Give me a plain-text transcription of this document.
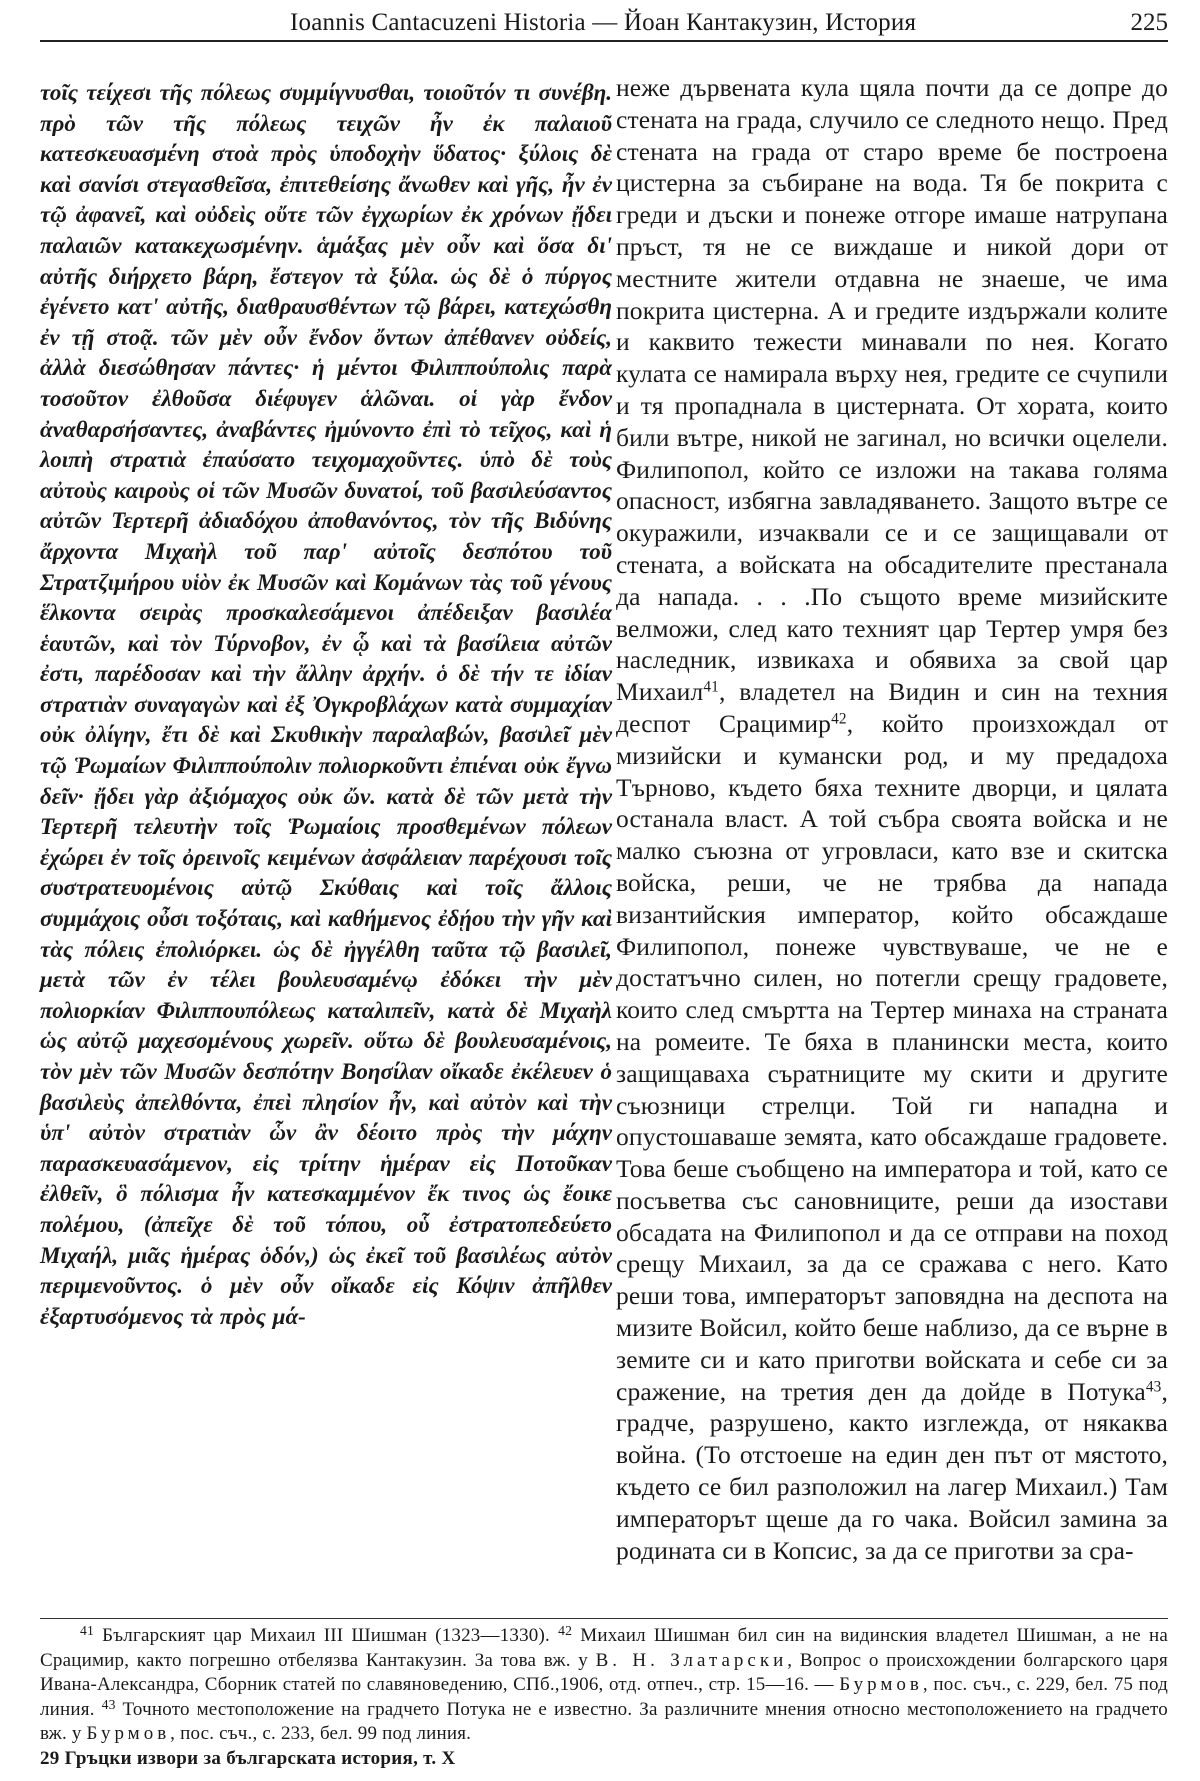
Ioannis Cantacuzeni Historia — Йоан Кантакузин, История	225

τοῖς τείχεσι τῆς πόλεως συμμίγνυσθαι, τοιοῦτόν τι συνέβη. πρὸ τῶν τῆς πόλεως τειχῶν ἦν ἐκ παλαιοῦ κατεσκευασμένη στοὰ πρὸς ὑποδοχὴν ὕδατος· ξύλοις δὲ καὶ σανίσι στεγασθεῖσα, ἐπιτεθείσης ἄνωθεν καὶ γῆς, ἦν ἐν τῷ ἀφανεῖ, καὶ οὐδεὶς οὔτε τῶν ἐγχωρίων ἐκ χρόνων ᾔδει παλαιῶν κατακεχωσμένην. ἁμάξας μὲν οὖν καὶ ὅσα δι' αὐτῆς διήρχετο βάρη, ἔστεγον τὰ ξύλα. ὡς δὲ ὁ πύργος ἐγένετο κατ' αὐτῆς, διαθραυσθέντων τῷ βάρει, κατεχώσθη ἐν τῇ στοᾷ. τῶν μὲν οὖν ἔνδον ὄντων ἀπέθανεν οὐδείς, ἀλλὰ διεσώθησαν πάντες· ἡ μέντοι Φιλιππούπολις παρὰ τοσοῦτον ἐλθοῦσα διέφυγεν ἁλῶναι. οἱ γὰρ ἔνδον ἀναθαρσήσαντες, ἀναβάντες ἠμύνοντο ἐπὶ τὸ τεῖχος, καὶ ἡ λοιπὴ στρατιὰ ἐπαύσατο τειχομαχοῦντες. ὑπὸ δὲ τοὺς αὐτοὺς καιροὺς οἱ τῶν Μυσῶν δυνατοί, τοῦ βασιλεύσαντος αὐτῶν Τερτερῆ ἀδιαδόχου ἀποθανόντος, τὸν τῆς Βιδύνης ἄρχοντα Μιχαὴλ τοῦ παρ' αὐτοῖς δεσπότου τοῦ Στρατζιμήρου υἱὸν ἐκ Μυσῶν καὶ Κομάνων τὰς τοῦ γένους ἕλκοντα σειρὰς προσκαλεσάμενοι ἀπέδειξαν βασιλέα ἑαυτῶν, καὶ τὸν Τύρνοβον, ἐν ᾧ καὶ τὰ βασίλεια αὐτῶν ἐστι, παρέδοσαν καὶ τὴν ἄλλην ἀρχήν. ὁ δὲ τήν τε ἰδίαν στρατιὰν συναγαγὼν καὶ ἐξ Ὀγκροβλάχων κατὰ συμμαχίαν οὐκ ὀλίγην, ἔτι δὲ καὶ Σκυθικὴν παραλαβών, βασιλεῖ μὲν τῷ Ῥωμαίων Φιλιππούπολιν πολιορκοῦντι ἐπιέναι οὐκ ἔγνω δεῖν· ᾔδει γὰρ ἀξιόμαχος οὐκ ὤν. κατὰ δὲ τῶν μετὰ τὴν Τερτερῆ τελευτὴν τοῖς Ῥωμαίοις προσθεμένων πόλεων ἐχώρει ἐν τοῖς ὀρεινοῖς κειμένων ἀσφάλειαν παρέχουσι τοῖς συστρατευομένοις αὐτῷ Σκύθαις καὶ τοῖς ἄλλοις συμμάχοις οὖσι τοξόταις, καὶ καθήμενος ἐδῄου τὴν γῆν καὶ τὰς πόλεις ἐπολιόρκει. ὡς δὲ ἠγγέλθη ταῦτα τῷ βασιλεῖ, μετὰ τῶν ἐν τέλει βουλευσαμένῳ ἐδόκει τὴν μὲν πολιορκίαν Φιλιππουπόλεως καταλιπεῖν, κατὰ δὲ Μιχαὴλ ὡς αὐτῷ μαχεσομένους χωρεῖν. οὕτω δὲ βουλευσαμένοις, τὸν μὲν τῶν Μυσῶν δεσπότην Βοησίλαν οἴκαδε ἐκέλευεν ὁ βασιλεὺς ἀπελθόντα, ἐπεὶ πλησίον ἦν, καὶ αὐτὸν καὶ τὴν ὑπ' αὐτὸν στρατιὰν ὧν ἂν δέοιτο πρὸς τὴν μάχην παρασκευασάμενον, εἰς τρίτην ἡμέραν εἰς Ποτοῦκαν ἐλθεῖν, ὃ πόλισμα ἦν κατεσκαμμένον ἔκ τινος ὡς ἔοικε πολέμου, (ἀπεῖχε δὲ τοῦ τόπου, οὗ ἐστρατοπεδεύετο Μιχαήλ, μιᾶς ἡμέρας ὁδόν,) ὡς ἐκεῖ τοῦ βασιλέως αὐτὸν περιμενοῦντος. ὁ μὲν οὖν οἴκαδε εἰς Κόψιν ἀπῆλθεν ἐξαρτυσόμενος τὰ πρὸς μά-

неже дървената кула щяла почти да се допре до стената на града, случило се следното нещо. Пред стената на града от старо време бе построена цистерна за събиране на вода. Тя бе покрита с греди и дъски и понеже отгоре имаше натрупана пръст, тя не се виждаше и никой дори от местните жители отдавна не знаеше, че има покрита цистерна. А и гредите издържали колите и каквито тежести минавали по нея. Когато кулата се намирала върху нея, гредите се счупили и тя пропаднала в цистерната. От хората, които били вътре, никой не загинал, но всички оцелели. Филипопол, който се изложи на такава голяма опасност, избягна завладяването. Защото вътре се окуражили, изчаквали се и се защищавали от стената, а войската на обсадителите престанала да напада. . . .По същото време мизийските велможи, след като техният цар Тертер умря без наследник, извикаха и обявиха за свой цар Михаил$^{41}$, владетел на Видин и син на техния деспот Срацимир$^{42}$, който произхождал от мизийски и кумански род, и му предадоха Търново, където бяха техните дворци, и цялата останала власт. А той събра своята войска и не малко съюзна от угровласи, като взе и скитска войска, реши, че не трябва да напада византийския император, който обсаждаше Филипопол, понеже чувствуваше, че не е достатъчно силен, но потегли срещу градовете, които след смъртта на Тертер минаха на страната на ромеите. Те бяха в планински места, които защищаваха съратниците му скити и другите съюзници стрелци. Той ги нападна и опустошаваше земята, като обсаждаше градовете. Това беше съобщено на императора и той, като се посъветва със сановниците, реши да изостави обсадата на Филипопол и да се отправи на поход срещу Михаил, за да се сражава с него. Като реши това, императорът заповядна на деспота на мизите Войсил, който беше наблизо, да се върне в земите си и като приготви войската и себе си за сражение, на третия ден да дойде в Потука$^{43}$, градче, разрушено, както изглежда, от някаква война. (То отстоеше на един ден път от мястото, където се бил разположил на лагер Михаил.) Там императорът щеше да го чака. Войсил замина за родината си в Копсис, за да се приготви за сра-

$^{41}$ Българският цар Михаил III Шишман (1323—1330). $^{42}$ Михаил Шишман бил син на видинския владетел Шишман, а не на Срацимир, както погрешно отбелязва Кантакузин. За това вж. у В. Н. Златарски, Вопрос о происхождении болгарского царя Ивана-Александра, Сборник статей по славяноведению, СПб.,1906, отд. отпеч., стр. 15—16. — Бурмов, пос. съч., с. 229, бел. 75 под линия. $^{43}$ Точното местоположение на градчето Потука не е известно. За различните мнения относно местоположението на градчето вж. у Бурмов, пос. съч., с. 233, бел. 99 под линия.

29 Гръцки извори за българската история, т. X
